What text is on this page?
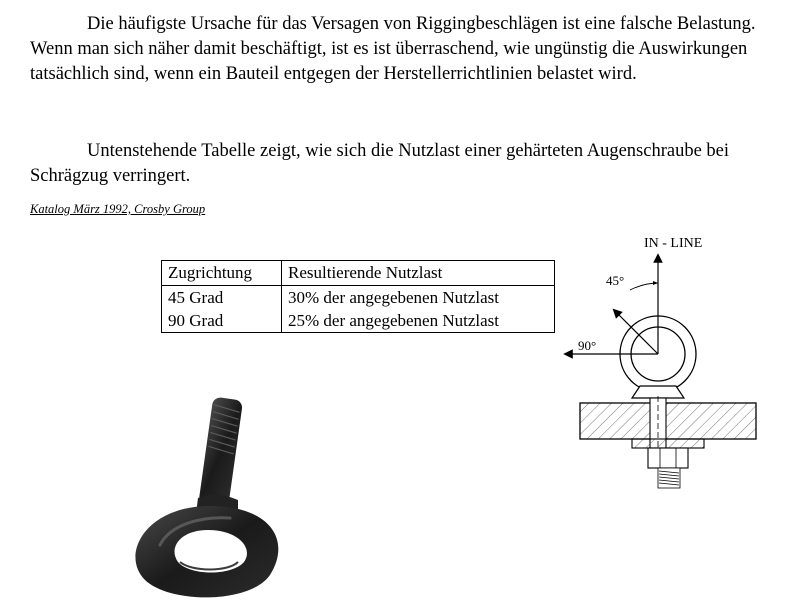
Die häufigste Ursache für das Versagen von Riggingbeschlägen ist eine falsche Belastung. Wenn man sich näher damit beschäftigt, ist es ist überraschend, wie ungünstig die Auswirkungen tatsächlich sind, wenn ein Bauteil entgegen der Herstellerrichtlinien belastet wird.

Untenstehende Tabelle zeigt, wie sich die Nutzlast einer gehärteten Augenschraube bei Schrägzug verringert.

Katalog März 1992, Crosby Group
Zugrichtung	Resultierende Nutzlast
45 Grad	30% der angegebenen Nutzlast
90 Grad	25% der angegebenen Nutzlast
IN - LINE
45°
90°
